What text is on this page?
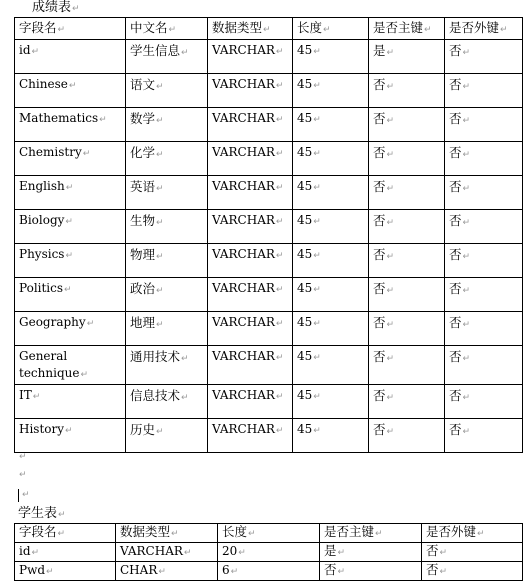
成绩表↵
字段名↵	中文名↵	数据类型↵	长度↵	是否主键↵	是否外键↵
id↵	学生信息↵	VARCHAR↵	45↵	是↵	否↵
Chinese↵	语文↵	VARCHAR↵	45↵	否↵	否↵
Mathematics↵	数学↵	VARCHAR↵	45↵	否↵	否↵
Chemistry↵	化学↵	VARCHAR↵	45↵	否↵	否↵
English↵	英语↵	VARCHAR↵	45↵	否↵	否↵
Biology↵	生物↵	VARCHAR↵	45↵	否↵	否↵
Physics↵	物理↵	VARCHAR↵	45↵	否↵	否↵
Politics↵	政治↵	VARCHAR↵	45↵	否↵	否↵
Geography↵	地理↵	VARCHAR↵	45↵	否↵	否↵
General technique↵	通用技术↵	VARCHAR↵	45↵	否↵	否↵
IT↵	信息技术↵	VARCHAR↵	45↵	否↵	否↵
History↵	历史↵	VARCHAR↵	45↵	否↵	否↵
↵
↵
↵
学生表↵
字段名↵	数据类型↵	长度↵	是否主键↵	是否外键↵
id↵	VARCHAR↵	20↵	是↵	否↵
Pwd↵	CHAR↵	6↵	否↵	否↵
